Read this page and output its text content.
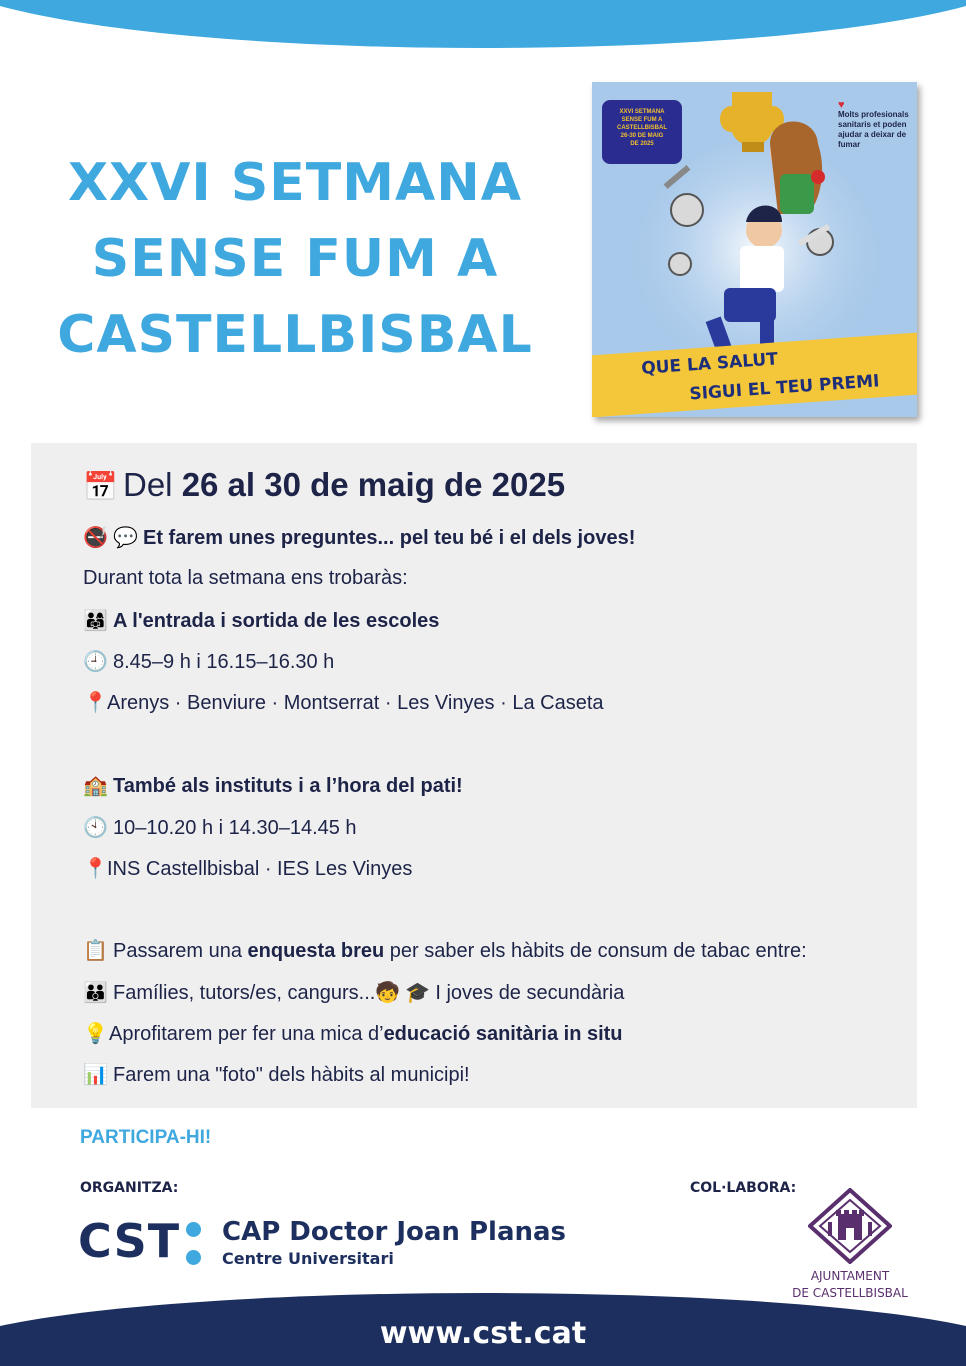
XXVI SETMANA
SENSE FUM A
CASTELLBISBAL
XXVI SETMANA
SENSE FUM A
CASTELLBISBAL
26-30 DE MAIG
DE 2025
♥
Molts profesionals sanitaris et poden ajudar a deixar de fumar
QUE LA SALUT
SIGUI EL TEU PREMI
📅 Del 26 al 30 de maig de 2025
🚭 💬 Et farem unes preguntes... pel teu bé i el dels joves!
Durant tota la setmana ens trobaràs:
👨‍👩‍👧 A l'entrada i sortida de les escoles
🕘 8.45–9 h i 16.15–16.30 h
📍Arenys · Benviure · Montserrat · Les Vinyes · La Caseta
🏫 També als instituts i a l’hora del pati!
🕙 10–10.20 h i 14.30–14.45 h
📍INS Castellbisbal · IES Les Vinyes
📋 Passarem una enquesta breu per saber els hàbits de consum de tabac entre:
👪 Famílies, tutors/es, cangurs...🧒 🎓 I joves de secundària
💡Aprofitarem per fer una mica d’educació sanitària in situ
📊 Farem una "foto" dels hàbits al municipi!
PARTICIPA-HI!
ORGANITZA:	COL·LABORA:
CST CAP Doctor Joan Planas
Centre Universitari
AJUNTAMENT
DE CASTELLBISBAL
www.cst.cat
